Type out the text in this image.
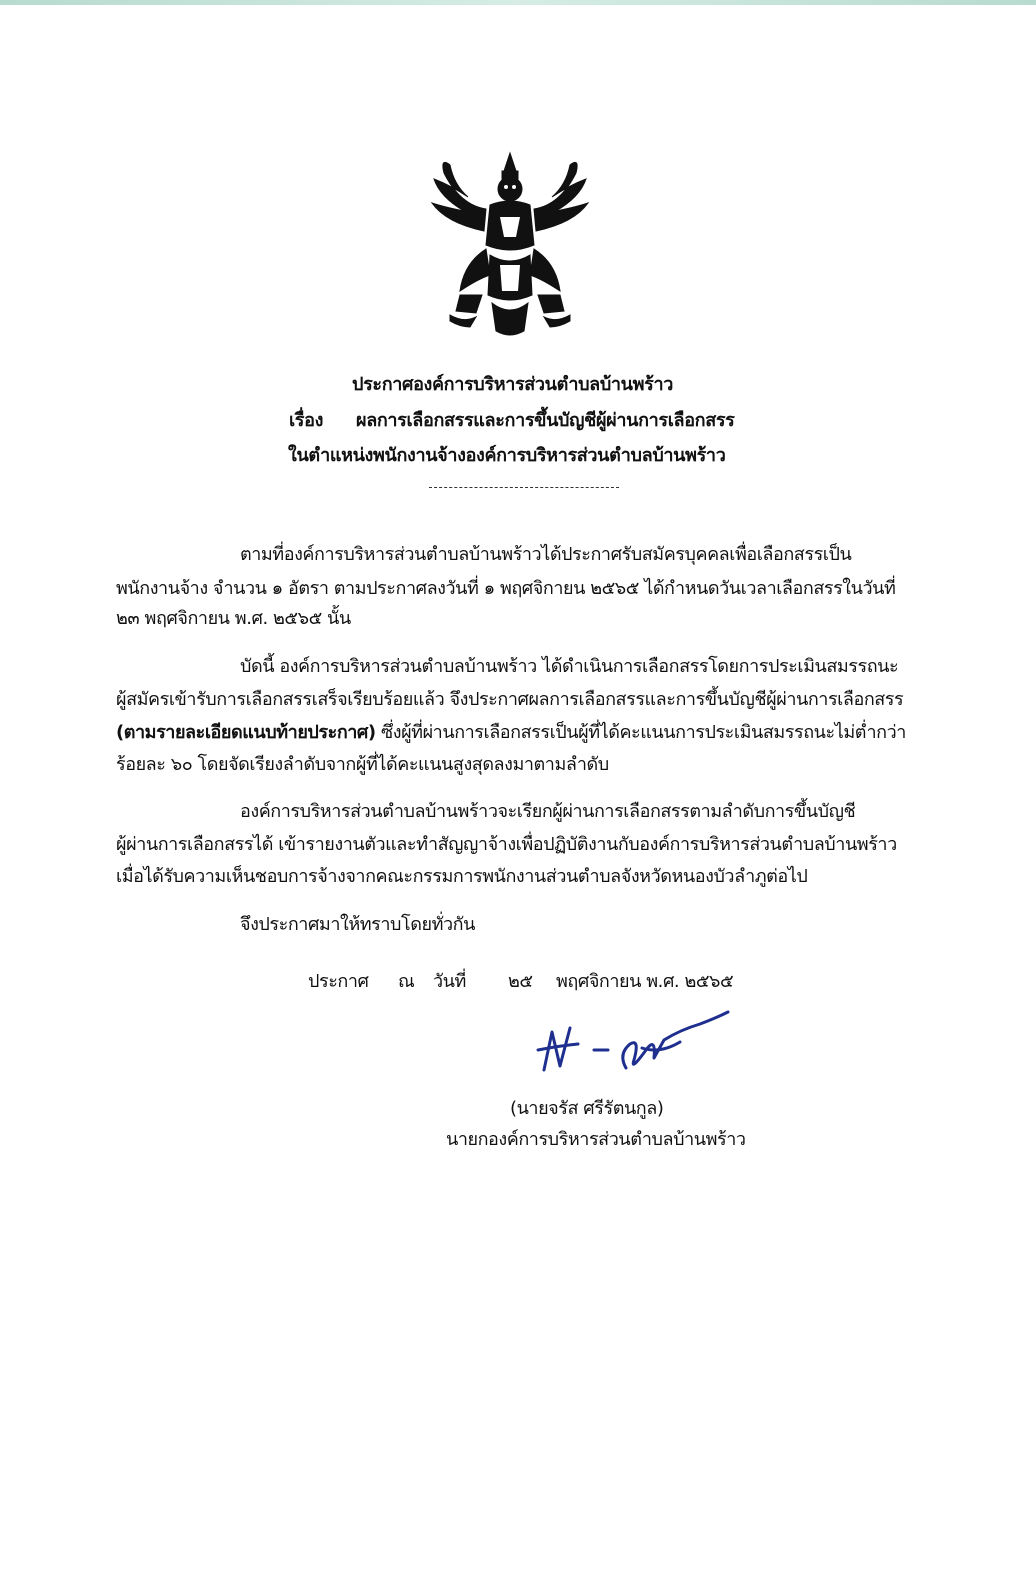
ประกาศองค์การบริหารส่วนตำบลบ้านพร้าว
เรื่อง ผลการเลือกสรรและการขึ้นบัญชีผู้ผ่านการเลือกสรร
ในตำแหน่งพนักงานจ้างองค์การบริหารส่วนตำบลบ้านพร้าว
ตามที่องค์การบริหารส่วนตำบลบ้านพร้าวได้ประกาศรับสมัครบุคคลเพื่อเลือกสรรเป็น
พนักงานจ้าง จำนวน ๑ อัตรา ตามประกาศลงวันที่ ๑ พฤศจิกายน ๒๕๖๕ ได้กำหนดวันเวลาเลือกสรรในวันที่
๒๓ พฤศจิกายน พ.ศ. ๒๕๖๕ นั้น
บัดนี้ องค์การบริหารส่วนตำบลบ้านพร้าว ได้ดำเนินการเลือกสรรโดยการประเมินสมรรถนะ
ผู้สมัครเข้ารับการเลือกสรรเสร็จเรียบร้อยแล้ว จึงประกาศผลการเลือกสรรและการขึ้นบัญชีผู้ผ่านการเลือกสรร
(ตามรายละเอียดแนบท้ายประกาศ) ซึ่งผู้ที่ผ่านการเลือกสรรเป็นผู้ที่ได้คะแนนการประเมินสมรรถนะไม่ต่ำกว่า
ร้อยละ ๖๐ โดยจัดเรียงลำดับจากผู้ที่ได้คะแนนสูงสุดลงมาตามลำดับ
องค์การบริหารส่วนตำบลบ้านพร้าวจะเรียกผู้ผ่านการเลือกสรรตามลำดับการขึ้นบัญชี
ผู้ผ่านการเลือกสรรได้ เข้ารายงานตัวและทำสัญญาจ้างเพื่อปฏิบัติงานกับองค์การบริหารส่วนตำบลบ้านพร้าว
เมื่อได้รับความเห็นชอบการจ้างจากคณะกรรมการพนักงานส่วนตำบลจังหวัดหนองบัวลำภูต่อไป
จึงประกาศมาให้ทราบโดยทั่วกัน
ประกาศ ณ วันที่ ๒๕ พฤศจิกายน พ.ศ. ๒๕๖๕
(นายจรัส ศรีรัตนกูล)
นายกองค์การบริหารส่วนตำบลบ้านพร้าว
